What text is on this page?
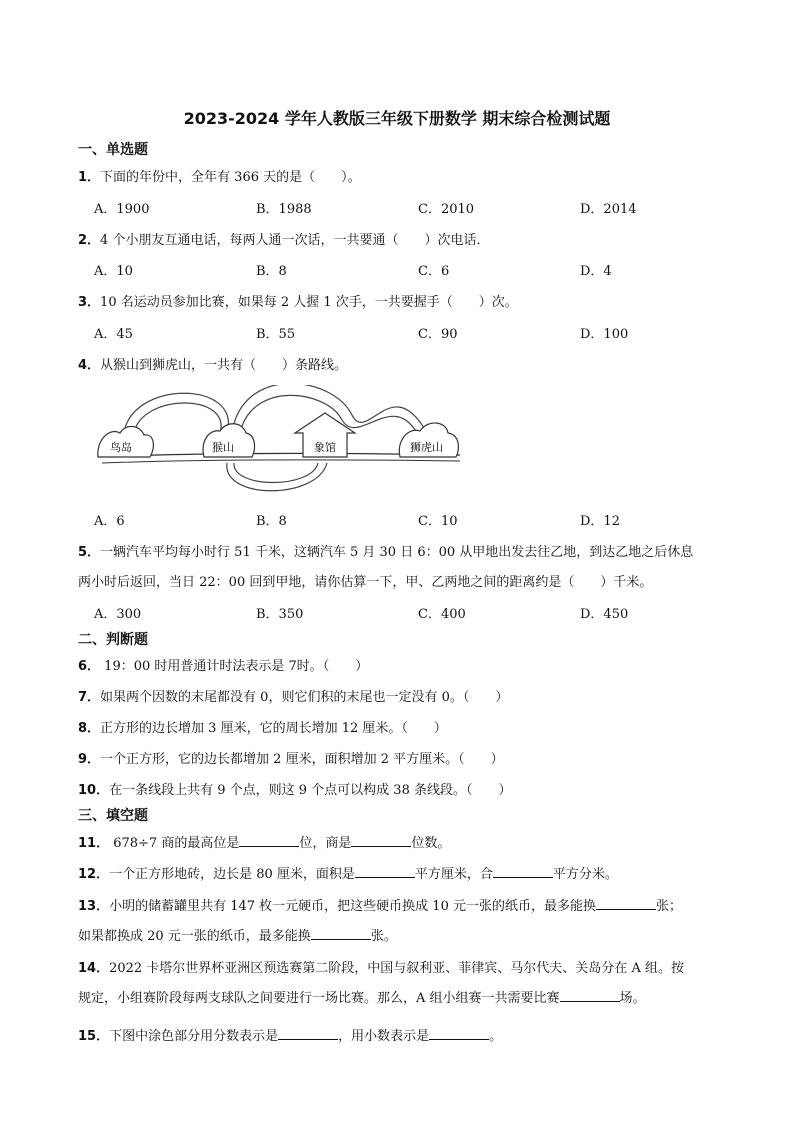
2023-2024 学年人教版三年级下册数学 期末综合检测试题
一、单选题
1．下面的年份中，全年有 366 天的是（　　）。
A．1900	B．1988	C．2010	D．2014
2．4 个小朋友互通电话，每两人通一次话，一共要通（　　）次电话．
A．10	B．8	C．6	D．4
3．10 名运动员参加比赛，如果每 2 人握 1 次手，一共要握手（　　）次。
A．45	B．55	C．90	D．100
4．从猴山到狮虎山，一共有（　　）条路线。
鸟岛	猴山	象馆	狮虎山
A．6	B．8	C．10	D．12
5．一辆汽车平均每小时行 51 千米，这辆汽车 5 月 30 日 6：00 从甲地出发去往乙地，到达乙地之后休息
两小时后返回，当日 22：00 回到甲地，请你估算一下，甲、乙两地之间的距离约是（　　）千米。
A．300	B．350	C．400	D．450
二、判断题
6． 19：00 时用普通计时法表示是 7时。（　　）
7．如果两个因数的末尾都没有 0，则它们积的末尾也一定没有 0。（　　）
8．正方形的边长增加 3 厘米，它的周长增加 12 厘米。（　　）
9．一个正方形，它的边长都增加 2 厘米，面积增加 2 平方厘米。（　　）
10．在一条线段上共有 9 个点，则这 9 个点可以构成 38 条线段。（　　）
三、填空题
11． 678÷7 商的最高位是	位，商是	位数。
12．一个正方形地砖，边长是 80 厘米，面积是	平方厘米，合	平方分米。
13．小明的储蓄罐里共有 147 枚一元硬币，把这些硬币换成 10 元一张的纸币，最多能换	张；
如果都换成 20 元一张的纸币，最多能换	张。
14．2022 卡塔尔世界杯亚洲区预选赛第二阶段，中国与叙利亚、菲律宾、马尔代夫、关岛分在 A 组。按
规定，小组赛阶段每两支球队之间要进行一场比赛。那么，A 组小组赛一共需要比赛	场。
15．下图中涂色部分用分数表示是	，用小数表示是	。
